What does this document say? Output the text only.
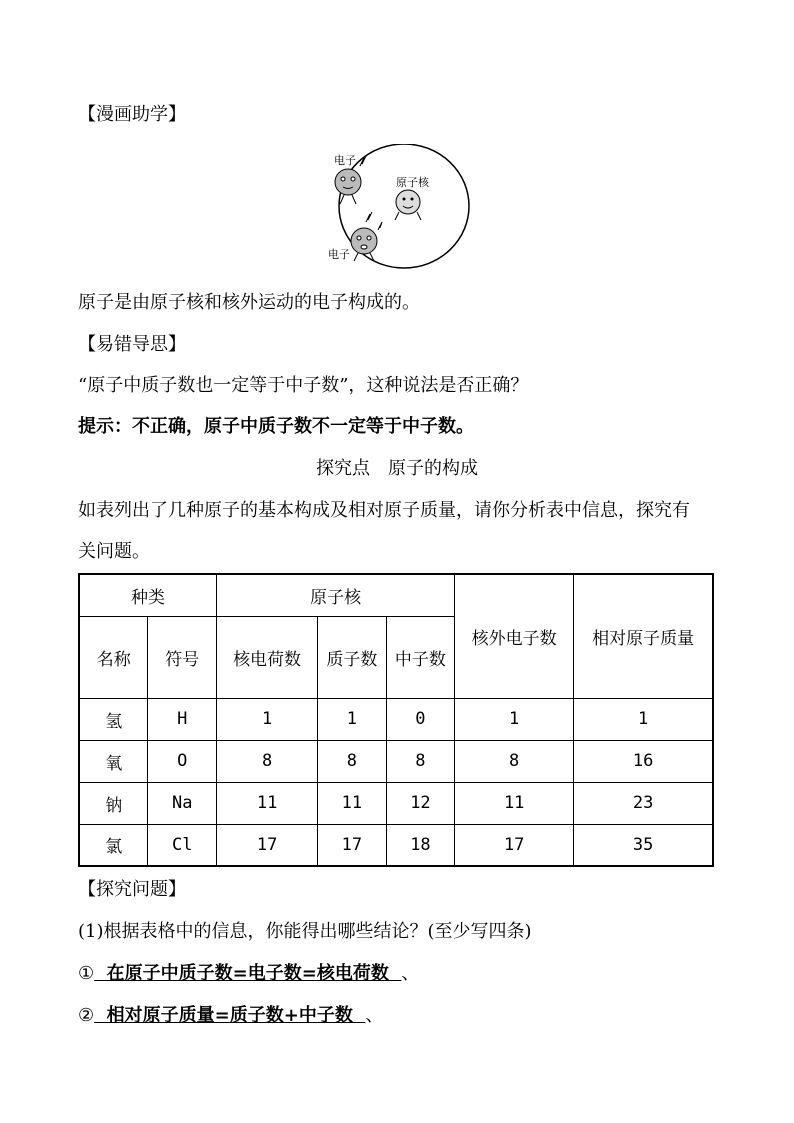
【漫画助学】
电子
原子核
电子
原子是由原子核和核外运动的电子构成的。
【易错导思】
“原子中质子数也一定等于中子数”，这种说法是否正确？
提示：不正确，原子中质子数不一定等于中子数。
探究点　原子的构成
如表列出了几种原子的基本构成及相对原子质量，请你分析表中信息，探究有
关问题。
种类		原子核			核外电子数	相对原子质量
名称	符号	核电荷数	质子数	中子数		
氢	H	1	1	0	1	1
氧	O	8	8	8	8	16
钠	Na	11	11	12	11	23
氯	Cl	17	17	18	17	35
【探究问题】
(1)根据表格中的信息，你能得出哪些结论？(至少写四条)
①  在原子中质子数=电子数=核电荷数  、
②  相对原子质量=质子数+中子数  、
